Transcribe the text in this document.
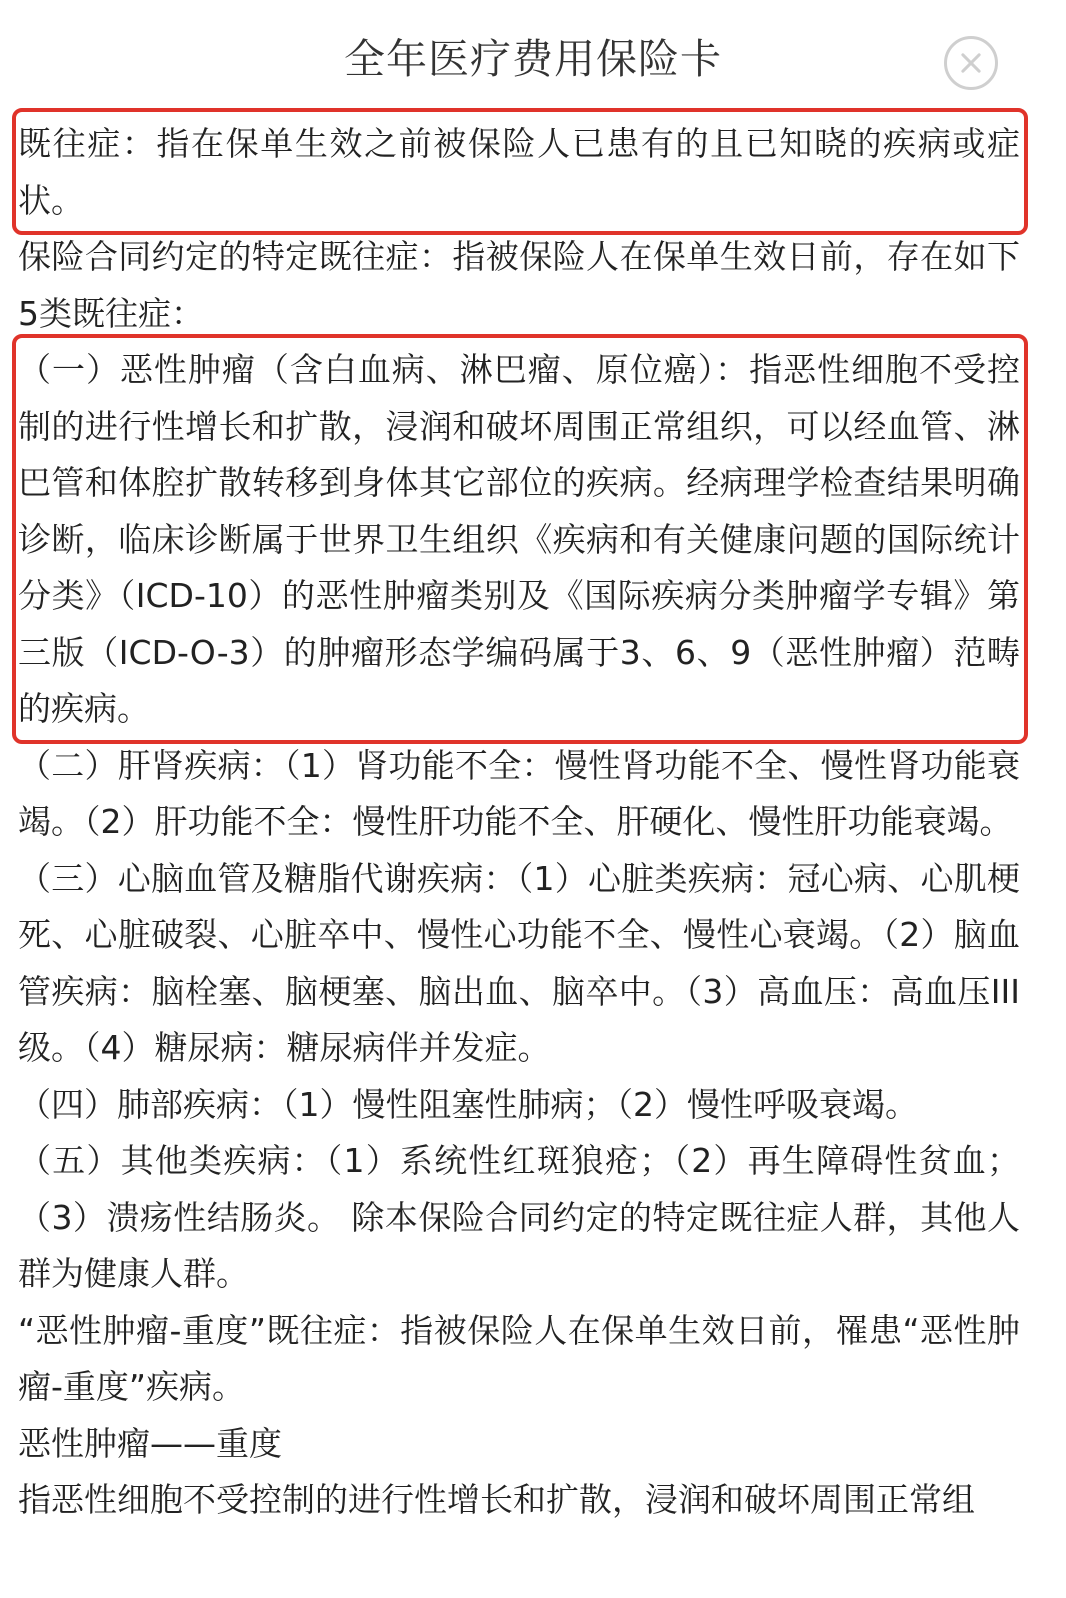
全年医疗费用保险卡

既往症：指在保单生效之前被保险人已患有的且已知晓的疾病或症状。

保险合同约定的特定既往症：指被保险人在保单生效日前，存在如下5类既往症：

（一）恶性肿瘤（含白血病、淋巴瘤、原位癌）：指恶性细胞不受控制的进行性增长和扩散，浸润和破坏周围正常组织，可以经血管、淋巴管和体腔扩散转移到身体其它部位的疾病。经病理学检查结果明确诊断，临床诊断属于世界卫生组织《疾病和有关健康问题的国际统计分类》（ICD-10）的恶性肿瘤类别及《国际疾病分类肿瘤学专辑》第三版（ICD-O-3）的肿瘤形态学编码属于3、6、9（恶性肿瘤）范畴的疾病。

（二）肝肾疾病：（1）肾功能不全：慢性肾功能不全、慢性肾功能衰竭。（2）肝功能不全：慢性肝功能不全、肝硬化、慢性肝功能衰竭。

（三）心脑血管及糖脂代谢疾病：（1）心脏类疾病：冠心病、心肌梗死、心脏破裂、心脏卒中、慢性心功能不全、慢性心衰竭。（2）脑血管疾病：脑栓塞、脑梗塞、脑出血、脑卒中。（3）高血压：高血压III级。（4）糖尿病：糖尿病伴并发症。

（四）肺部疾病：（1）慢性阻塞性肺病；（2）慢性呼吸衰竭。

（五）其他类疾病：（1）系统性红斑狼疮；（2）再生障碍性贫血；（3）溃疡性结肠炎。 除本保险合同约定的特定既往症人群，其他人群为健康人群。

“恶性肿瘤-重度”既往症：指被保险人在保单生效日前，罹患“恶性肿瘤-重度”疾病。

恶性肿瘤——重度

指恶性细胞不受控制的进行性增长和扩散，浸润和破坏周围正常组
